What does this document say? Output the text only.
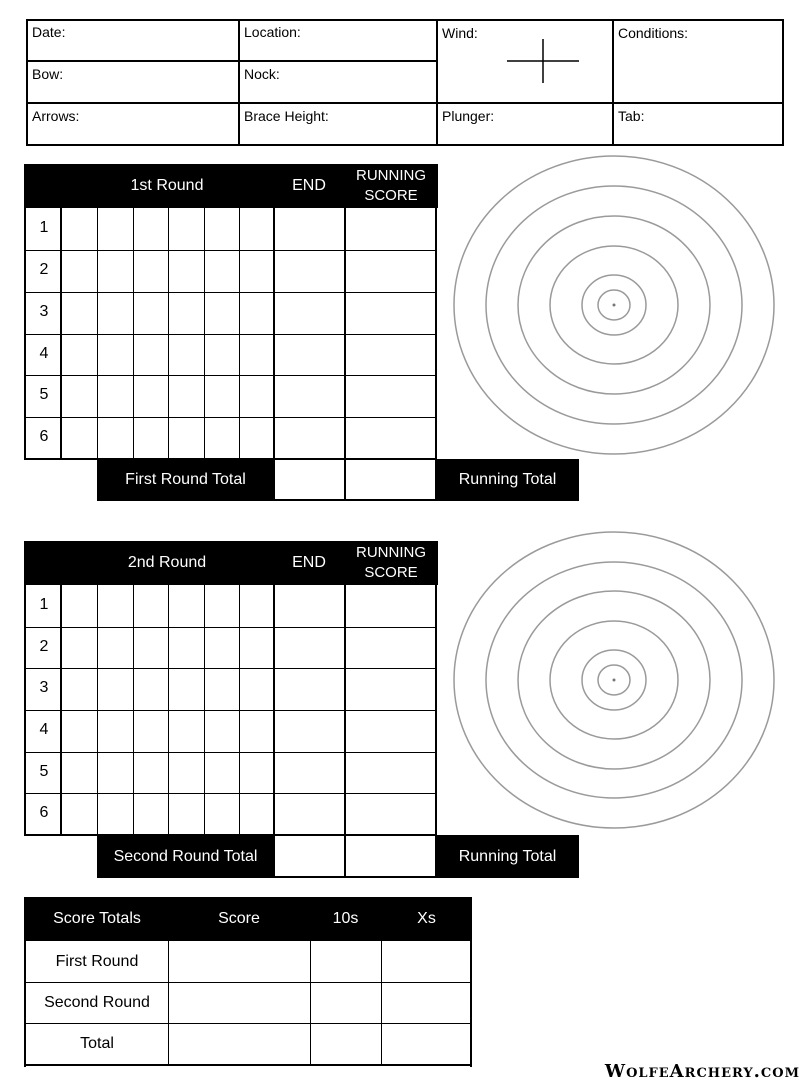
Date:	Location:	Wind:	Conditions:
Bow:	Nock:
Arrows:	Brace Height:	Plunger:	Tab:
1st Round	END
RUNNING
SCORE
1
2
3
4
5
6
First Round Total	Running Total
2nd Round	END
RUNNING
SCORE
1
2
3
4
5
6
Second Round Total	Running Total
Score Totals	Score	10s	Xs
First Round
Second Round
Total
WolfeArchery.com
